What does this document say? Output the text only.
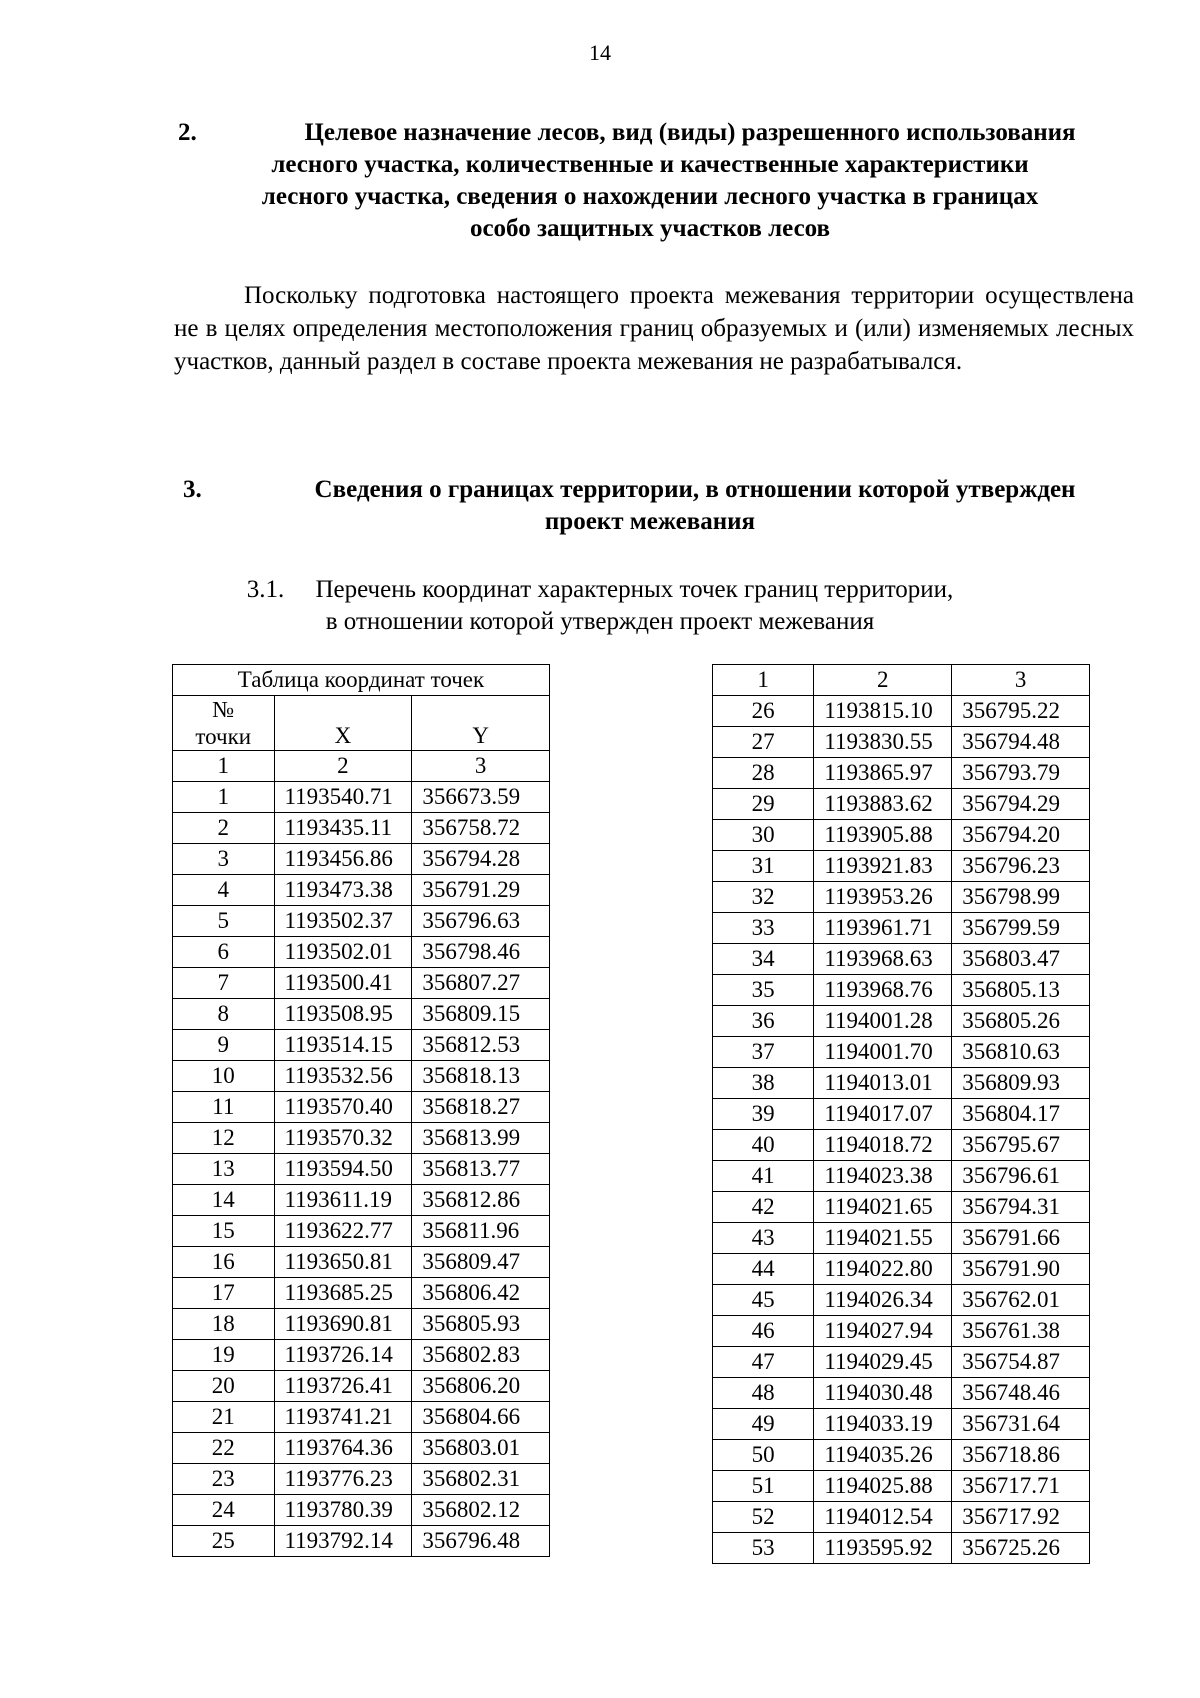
14
2.	Целевое назначение лесов, вид (виды) разрешенного использования
лесного участка, количественные и качественные характеристики
лесного участка, сведения о нахождении лесного участка в границах
особо защитных участков лесов
Поскольку подготовка настоящего проекта межевания территории осуществлена не в целях определения местоположения границ образуемых и (или) изменяемых лесных участков, данный раздел в составе проекта межевания не разрабатывался.
3.	Сведения о границах территории, в отношении которой утвержден
проект межевания
3.1. Перечень координат характерных точек границ территории,
в отношении которой утвержден проект межевания
Таблица координат точек		
№
точки	X	Y
1	2	3
1	1193540.71	356673.59
2	1193435.11	356758.72
3	1193456.86	356794.28
4	1193473.38	356791.29
5	1193502.37	356796.63
6	1193502.01	356798.46
7	1193500.41	356807.27
8	1193508.95	356809.15
9	1193514.15	356812.53
10	1193532.56	356818.13
11	1193570.40	356818.27
12	1193570.32	356813.99
13	1193594.50	356813.77
14	1193611.19	356812.86
15	1193622.77	356811.96
16	1193650.81	356809.47
17	1193685.25	356806.42
18	1193690.81	356805.93
19	1193726.14	356802.83
20	1193726.41	356806.20
21	1193741.21	356804.66
22	1193764.36	356803.01
23	1193776.23	356802.31
24	1193780.39	356802.12
25	1193792.14	356796.48
1	2	3
26	1193815.10	356795.22
27	1193830.55	356794.48
28	1193865.97	356793.79
29	1193883.62	356794.29
30	1193905.88	356794.20
31	1193921.83	356796.23
32	1193953.26	356798.99
33	1193961.71	356799.59
34	1193968.63	356803.47
35	1193968.76	356805.13
36	1194001.28	356805.26
37	1194001.70	356810.63
38	1194013.01	356809.93
39	1194017.07	356804.17
40	1194018.72	356795.67
41	1194023.38	356796.61
42	1194021.65	356794.31
43	1194021.55	356791.66
44	1194022.80	356791.90
45	1194026.34	356762.01
46	1194027.94	356761.38
47	1194029.45	356754.87
48	1194030.48	356748.46
49	1194033.19	356731.64
50	1194035.26	356718.86
51	1194025.88	356717.71
52	1194012.54	356717.92
53	1193595.92	356725.26
